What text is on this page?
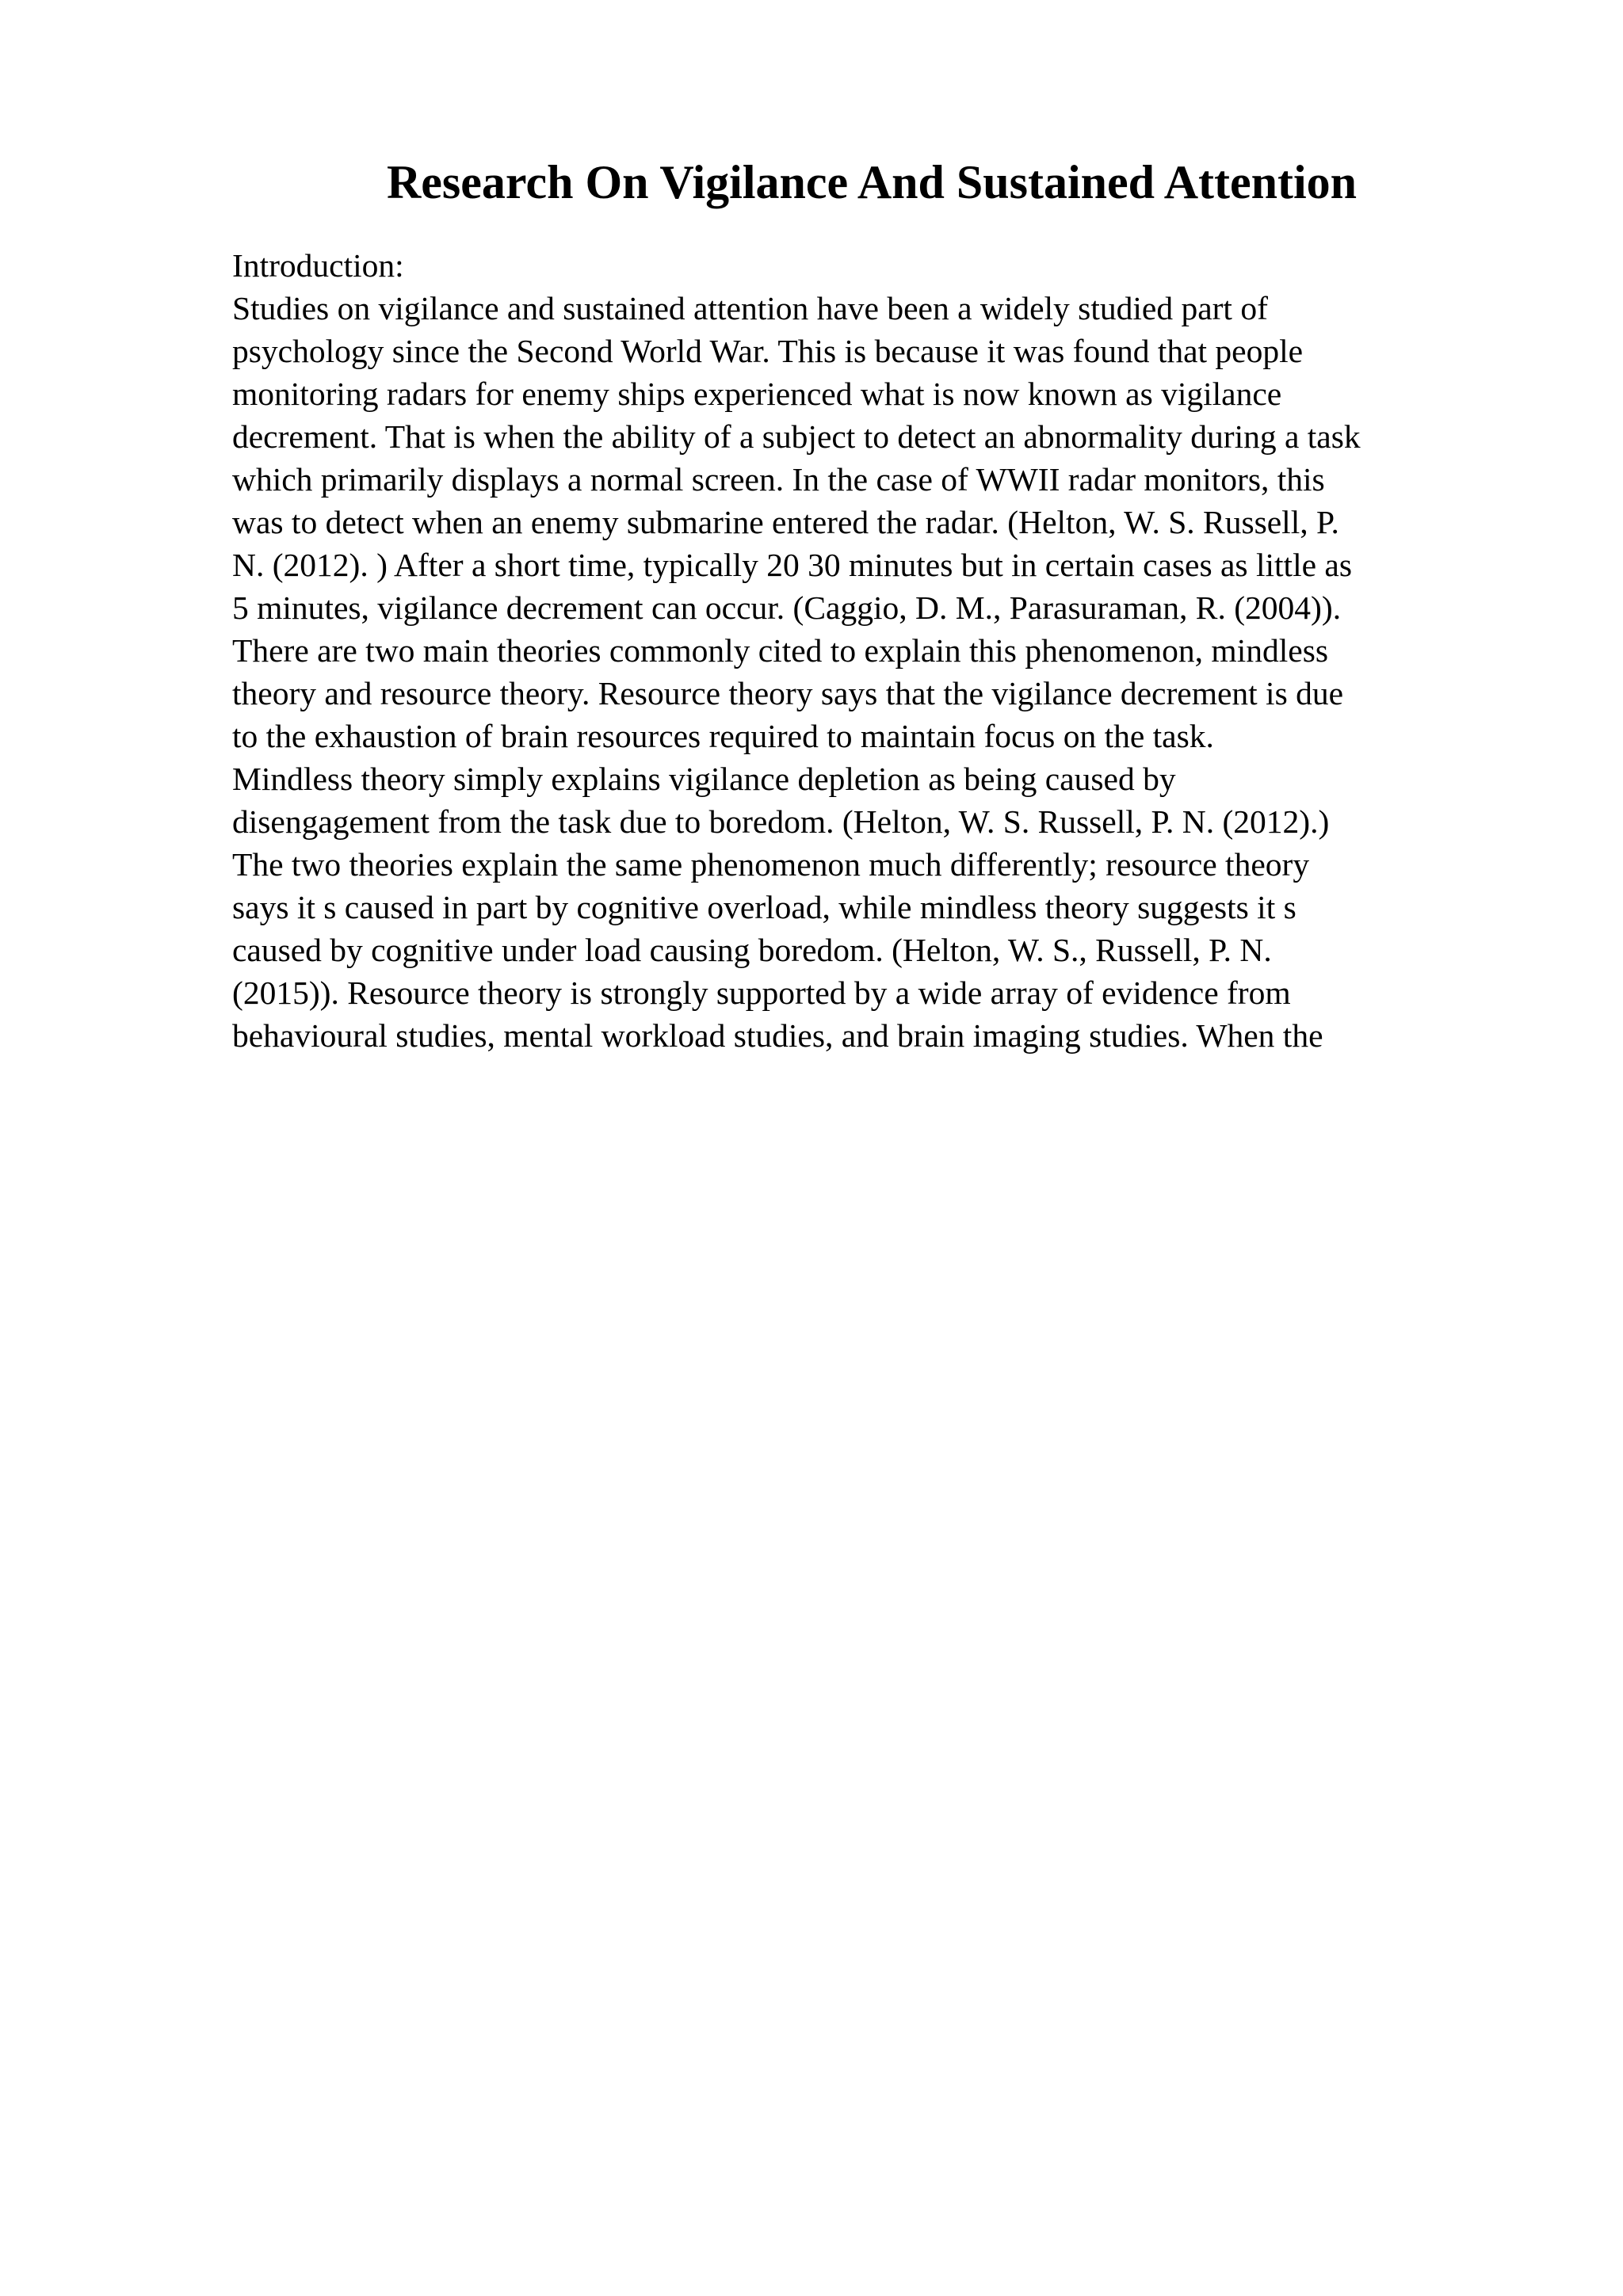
Research On Vigilance And Sustained Attention
Introduction:
Studies on vigilance and sustained attention have been a widely studied part of
psychology since the Second World War. This is because it was found that people
monitoring radars for enemy ships experienced what is now known as vigilance
decrement. That is when the ability of a subject to detect an abnormality during a task
which primarily displays a normal screen. In the case of WWII radar monitors, this
was to detect when an enemy submarine entered the radar. (Helton, W. S. Russell, P.
N. (2012). ) After a short time, typically 20 30 minutes but in certain cases as little as
5 minutes, vigilance decrement can occur. (Caggio, D. M., Parasuraman, R. (2004)).
There are two main theories commonly cited to explain this phenomenon, mindless
theory and resource theory. Resource theory says that the vigilance decrement is due
to the exhaustion of brain resources required to maintain focus on the task.
Mindless theory simply explains vigilance depletion as being caused by
disengagement from the task due to boredom. (Helton, W. S. Russell, P. N. (2012).)
The two theories explain the same phenomenon much differently; resource theory
says it s caused in part by cognitive overload, while mindless theory suggests it s
caused by cognitive under load causing boredom. (Helton, W. S., Russell, P. N.
(2015)). Resource theory is strongly supported by a wide array of evidence from
behavioural studies, mental workload studies, and brain imaging studies. When the
